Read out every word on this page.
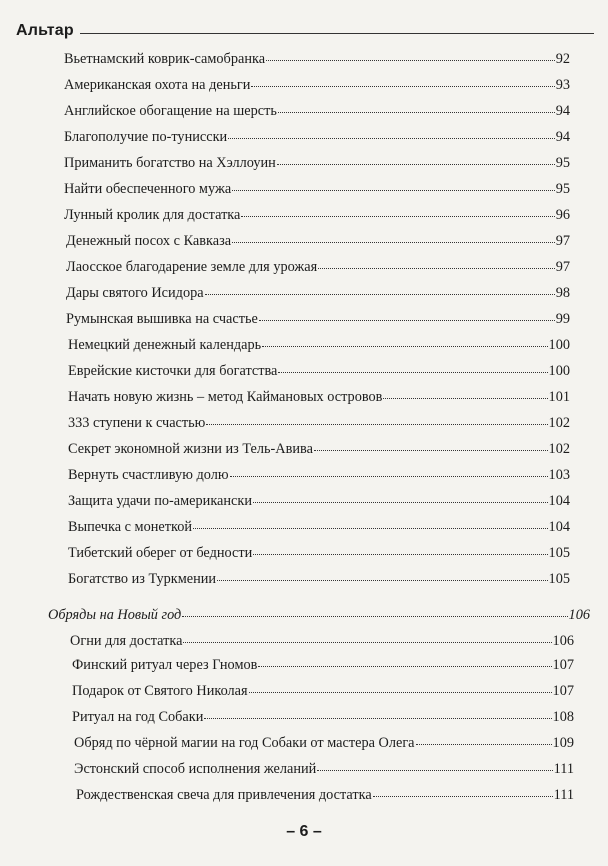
Альтар
Вьетнамский коврик-самобранка	92
Американская охота на деньги	93
Английское обогащение на шерсть	94
Благополучие по-тунисски	94
Приманить богатство на Хэллоуин	95
Найти обеспеченного мужа	95
Лунный кролик для достатка	96
Денежный посох с Кавказа	97
Лаосское благодарение земле для урожая	97
Дары святого Исидора	98
Румынская вышивка на счастье	99
Немецкий денежный календарь	100
Еврейские кисточки для богатства	100
Начать новую жизнь – метод Каймановых островов	101
333 ступени к счастью	102
Секрет экономной жизни из Тель-Авива	102
Вернуть счастливую долю	103
Защита удачи по-американски	104
Выпечка с монеткой	104
Тибетский оберег от бедности	105
Богатство из Туркмении	105
Обряды на Новый год	106
Огни для достатка	106
Финский ритуал через Гномов	107
Подарок от Святого Николая	107
Ритуал на год Собаки	108
Обряд по чёрной магии на год Собаки от мастера Олега	109
Эстонский способ исполнения желаний	111
Рождественская свеча для привлечения достатка	111
– 6 –
